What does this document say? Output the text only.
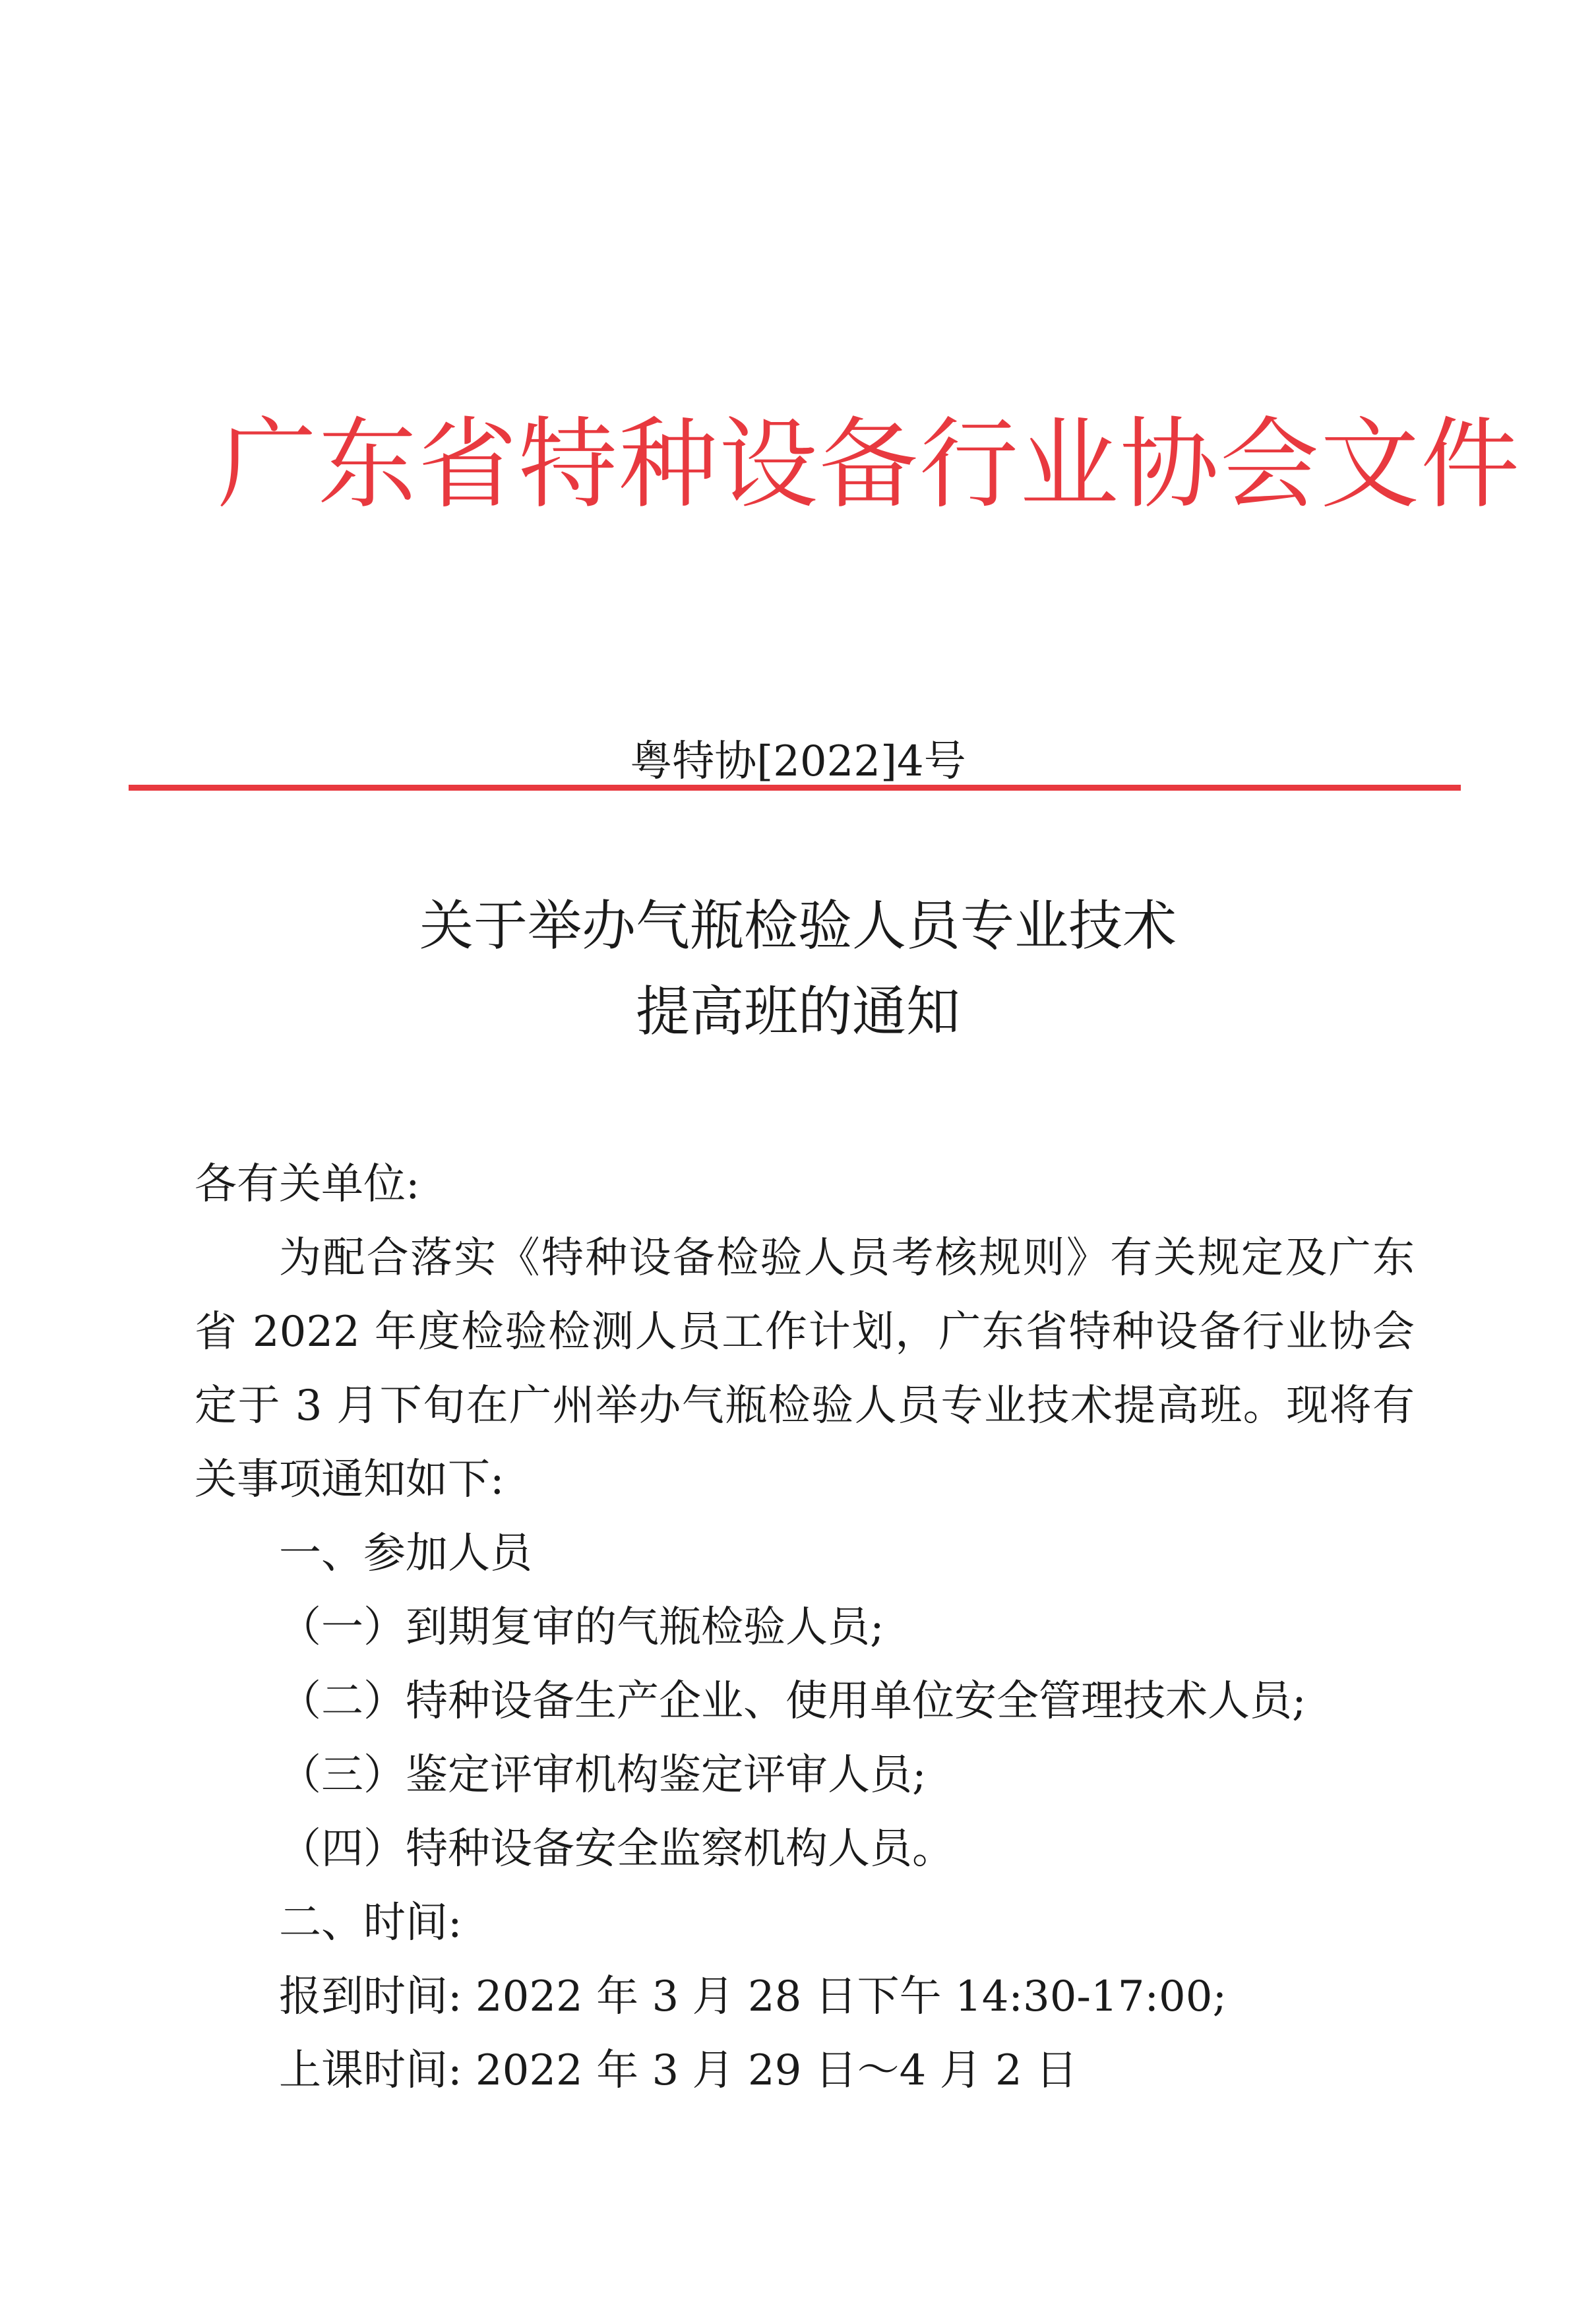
广东省特种设备行业协会文件
粤特协[2022]4号
关于举办气瓶检验人员专业技术
提高班的通知

各有关单位:

为配合落实《特种设备检验人员考核规则》有关规定及广东省 2022 年度检验检测人员工作计划，广东省特种设备行业协会定于 3 月下旬在广州举办气瓶检验人员专业技术提高班。现将有关事项通知如下:

一、参加人员

（一）到期复审的气瓶检验人员;

（二）特种设备生产企业、使用单位安全管理技术人员;

（三）鉴定评审机构鉴定评审人员;

（四）特种设备安全监察机构人员。

二、时间:

报到时间: 2022 年 3 月 28 日下午 14:30-17:00;

上课时间: 2022 年 3 月 29 日～4 月 2 日
